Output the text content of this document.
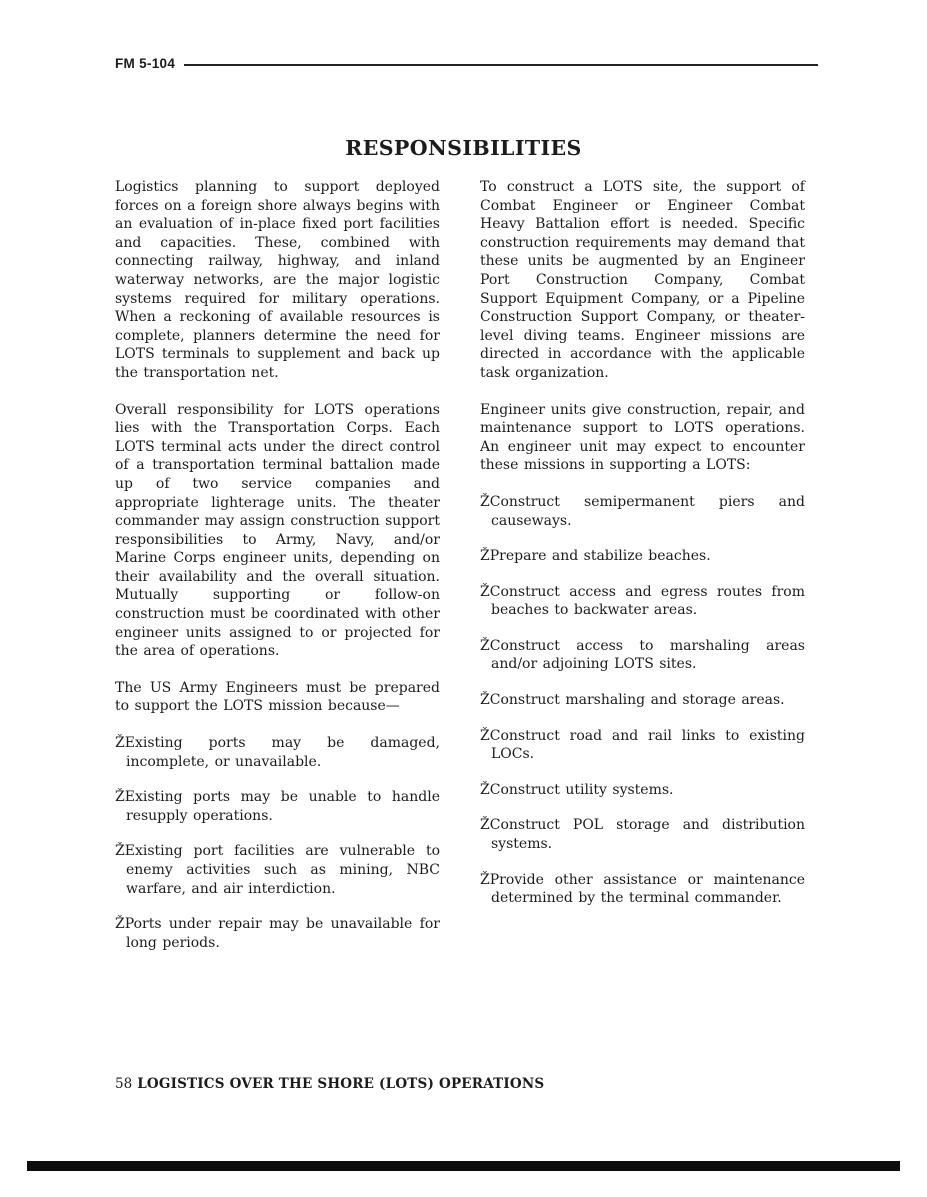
FM 5-104
RESPONSIBILITIES

Logistics planning to support deployed forces on a foreign shore always begins with an evaluation of in-place fixed port facilities and capacities. These, combined with connecting railway, highway, and inland waterway networks, are the major logistic systems required for military operations. When a reckoning of available resources is complete, planners determine the need for LOTS terminals to supplement and back up the transportation net.

Overall responsibility for LOTS operations lies with the Transportation Corps. Each LOTS terminal acts under the direct control of a transportation terminal battalion made up of two service companies and appropriate lighterage units. The theater commander may assign construction support responsibilities to Army, Navy, and/or Marine Corps engineer units, depending on their availability and the overall situation. Mutually supporting or follow-on construction must be coordinated with other engineer units assigned to or projected for the area of operations.

The US Army Engineers must be prepared to support the LOTS mission because—

ŽExisting ports may be damaged, incomplete, or unavailable.
ŽExisting ports may be unable to handle resupply operations.
ŽExisting port facilities are vulnerable to enemy activities such as mining, NBC warfare, and air interdiction.
ŽPorts under repair may be unavailable for long periods.

To construct a LOTS site, the support of Combat Engineer or Engineer Combat Heavy Battalion effort is needed. Specific construction requirements may demand that these units be augmented by an Engineer Port Construction Company, Combat Support Equipment Company, or a Pipeline Construction Support Company, or theater-level diving teams. Engineer missions are directed in accordance with the applicable task organization.

Engineer units give construction, repair, and maintenance support to LOTS operations. An engineer unit may expect to encounter these missions in supporting a LOTS:

ŽConstruct semipermanent piers and causeways.
ŽPrepare and stabilize beaches.
ŽConstruct access and egress routes from beaches to backwater areas.
ŽConstruct access to marshaling areas and/or adjoining LOTS sites.
ŽConstruct marshaling and storage areas.
ŽConstruct road and rail links to existing LOCs.
ŽConstruct utility systems.
ŽConstruct POL storage and distribution systems.
ŽProvide other assistance or maintenance determined by the terminal commander.
58 LOGISTICS OVER THE SHORE (LOTS) OPERATIONS
